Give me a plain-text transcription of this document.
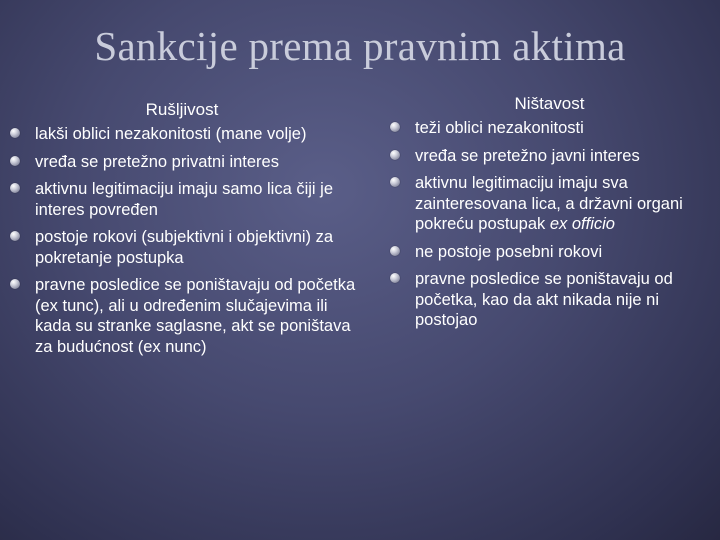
Sankcije prema pravnim aktima
Rušljivost
lakši oblici nezakonitosti (mane volje)
vređa se pretežno privatni interes
aktivnu legitimaciju imaju samo lica čiji je interes povređen
postoje rokovi (subjektivni i objektivni) za pokretanje postupka
pravne posledice se poništavaju od početka (ex tunc), ali u određenim slučajevima ili kada su stranke saglasne, akt se poništava za budućnost (ex nunc)
Ništavost
teži oblici nezakonitosti
vređa se pretežno javni interes
aktivnu legitimaciju imaju sva zainteresovana lica, a državni organi pokreću postupak ex officio
ne postoje posebni rokovi
pravne posledice se poništavaju od početka, kao da akt nikada nije ni postojao
